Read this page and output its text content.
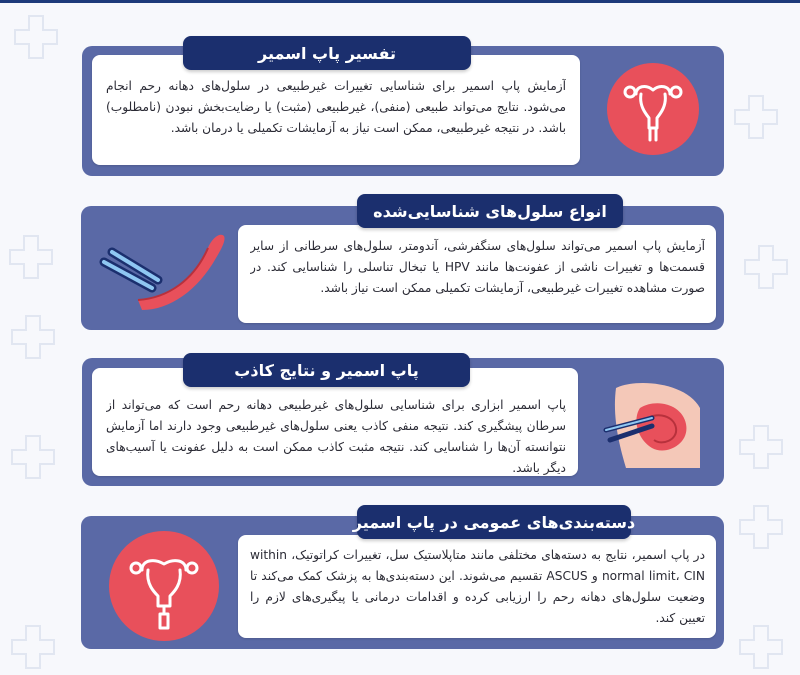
آزمایش پاپ اسمیر برای شناسایی تغییرات غیرطبیعی در سلول‌های دهانه رحم انجام می‌شود. نتایج می‌تواند طبیعی (منفی)، غیرطبیعی (مثبت) یا رضایت‌بخش نبودن (نامطلوب) باشد. در نتیجه غیرطبیعی، ممکن است نیاز به آزمایشات تکمیلی یا درمان باشد.
تفسیر پاپ اسمیر
آزمایش پاپ اسمیر می‌تواند سلول‌های سنگفرشی، آندومتر، سلول‌های سرطانی از سایر قسمت‌ها و تغییرات ناشی از عفونت‌ها مانند HPV یا تبخال تناسلی را شناسایی کند. در صورت مشاهده تغییرات غیرطبیعی، آزمایشات تکمیلی ممکن است نیاز باشد.
انواع سلول‌های شناسایی‌شده
پاپ اسمیر ابزاری برای شناسایی سلول‌های غیرطبیعی دهانه رحم است که می‌تواند از سرطان پیشگیری کند. نتیجه منفی کاذب یعنی سلول‌های غیرطبیعی وجود دارند اما آزمایش نتوانسته آن‌ها را شناسایی کند. نتیجه مثبت کاذب ممکن است به دلیل عفونت یا آسیب‌های دیگر باشد.
پاپ اسمیر و نتایج کاذب
در پاپ اسمیر، نتایج به دسته‌های مختلفی مانند متاپلاستیک سل، تغییرات کراتوتیک، within normal limit، CIN و ASCUS تقسیم می‌شوند. این دسته‌بندی‌ها به پزشک کمک می‌کند تا وضعیت سلول‌های دهانه رحم را ارزیابی کرده و اقدامات درمانی یا پیگیری‌های لازم را تعیین کند.
دسته‌بندی‌های عمومی در پاپ اسمیر
